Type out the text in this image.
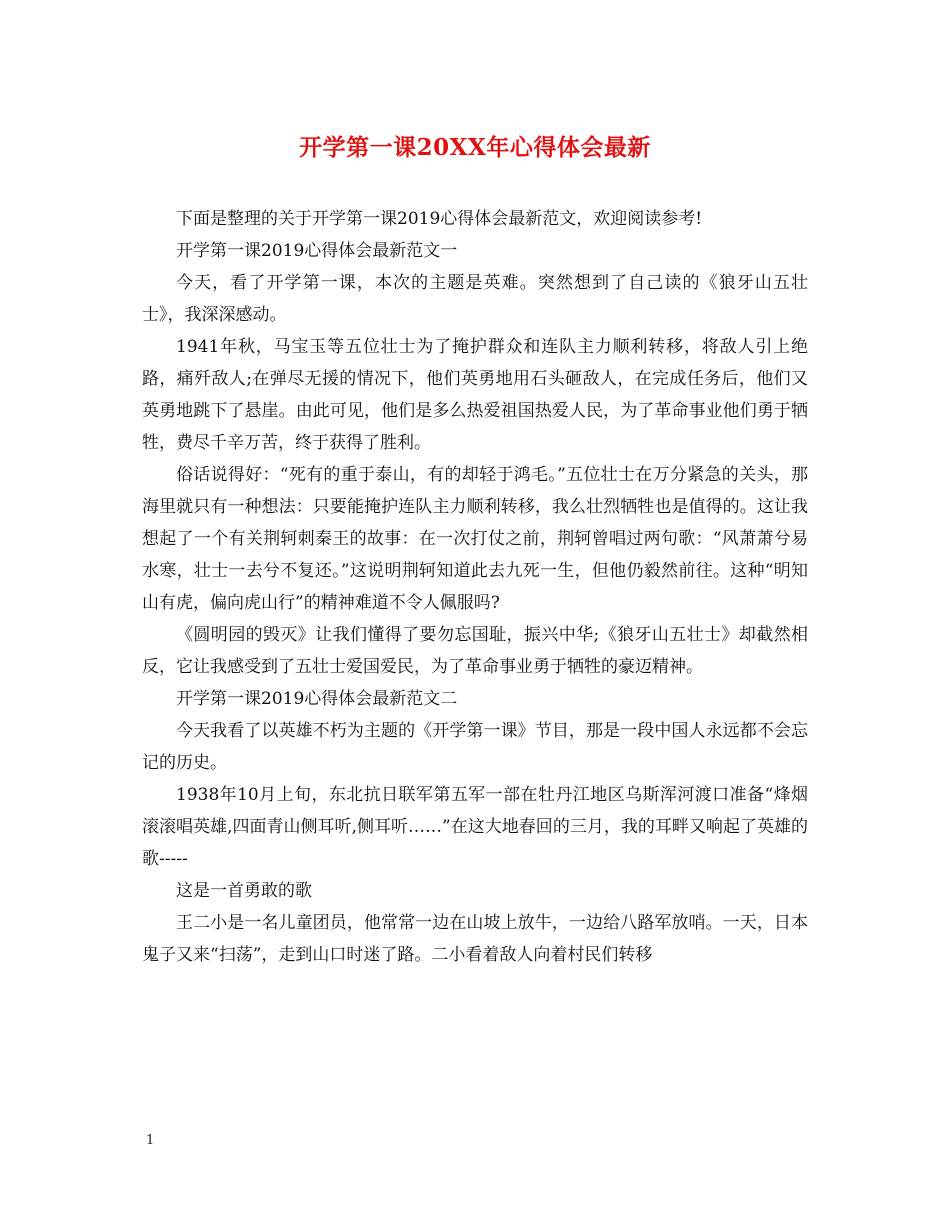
开学第一课20XX年心得体会最新

下面是整理的关于开学第一课2019心得体会最新范文，欢迎阅读参考!

开学第一课2019心得体会最新范文一

今天，看了开学第一课，本次的主题是英难。突然想到了自己读的《狼牙山五壮士》，我深深感动。

1941年秋，马宝玉等五位壮士为了掩护群众和连队主力顺利转移，将敌人引上绝路，痛歼敌人;在弹尽无援的情况下，他们英勇地用石头砸敌人，在完成任务后，他们又英勇地跳下了悬崖。由此可见，他们是多么热爱祖国热爱人民，为了革命事业他们勇于牺牲，费尽千辛万苦，终于获得了胜利。

俗话说得好：“死有的重于泰山，有的却轻于鸿毛。”五位壮士在万分紧急的关头，那海里就只有一种想法：只要能掩护连队主力顺利转移，我么壮烈牺牲也是值得的。这让我想起了一个有关荆轲刺秦王的故事：在一次打仗之前，荆轲曾唱过两句歌：“风萧萧兮易水寒，壮士一去兮不复还。”这说明荆轲知道此去九死一生，但他仍毅然前往。这种“明知山有虎，偏向虎山行”的精神难道不令人佩服吗?

《圆明园的毁灭》让我们懂得了要勿忘国耻，振兴中华;《狼牙山五壮士》却截然相反，它让我感受到了五壮士爱国爱民，为了革命事业勇于牺牲的豪迈精神。

开学第一课2019心得体会最新范文二

今天我看了以英雄不朽为主题的《开学第一课》节目，那是一段中国人永远都不会忘记的历史。

1938年10月上旬，东北抗日联军第五军一部在牡丹江地区乌斯浑河渡口准备“烽烟滚滚唱英雄,四面青山侧耳听,侧耳听……”在这大地春回的三月，我的耳畔又响起了英雄的歌-----

这是一首勇敢的歌

王二小是一名儿童团员，他常常一边在山坡上放牛，一边给八路军放哨。一天，日本鬼子又来“扫荡”，走到山口时迷了路。二小看着敌人向着村民们转移

1
